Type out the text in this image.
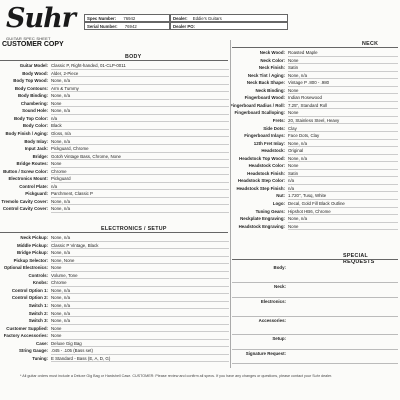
Suhr
GUITAR SPEC SHEET
CUSTOMER COPY
Spec Number: 76942	Dealer: Eddie's Guitars
Serial Number: 76942	Dealer PO:
BODY
Guitar Model: Classic P, Right-handed, 01-CLP-0011
Body Wood: Alder, 2-Piece
Body Top Wood: None, n/a
Body Contours: Arm & Tummy
Body Binding: None, n/a
Chambering: None
Sound Hole: None, n/a
Body Top Color: n/a
Body Color: Black
Body Finish / Aging: Gloss, n/a
Body Inlay: None, n/a
Input Jack: Pickguard, Chrome
Bridge: Gotoh Vintage Bass, Chrome, None
Bridge Routes: None
Button / Screw Color: Chrome
Electronics Mount: Pickguard
Control Plate: n/a
Pickguard: Parchment, Classic P
Tremolo Cavity Cover: None, n/a
Control Cavity Cover: None, n/a
ELECTRONICS / SETUP
Neck Pickup: None, n/a
Middle Pickup: Classic P Vintage, Black
Bridge Pickup: None, n/a
Pickup Selector: None, None
Optional Electronics: None
Controls: Volume, Tone
Knobs: Chrome
Control Option 1: None, n/a
Control Option 2: None, n/a
Switch 1: None, n/a
Switch 2: None, n/a
Switch 3: None, n/a
Customer Supplied: None
Factory Accessories: None
Case: Deluxe Gig Bag
String Gauge: .045 - .105 (Bass set)
Tuning: E Standard - Bass (E, A, D, G)
NECK
Neck Wood: Roasted Maple
Neck Color: None
Neck Finish: Satin
Neck Tint / Aging: None, n/a
Neck Back Shape: Vintage P .800 - .980
Neck Binding: None
Fingerboard Wood: Indian Rosewood
Fingerboard Radius / Roll: 7.25", Standard Roll
Fingerboard Scalloping: None
Frets: 20, Stainless Steel, Heavy
Side Dots: Clay
Fingerboard Inlays: Face Dots, Clay
12th Fret Inlay: None, n/a
Headstock: Original
Headstock Top Wood: None, n/a
Headstock Color: None
Headstock Finish: Satin
Headstock Step Color: n/a
Headstock Step Finish: n/a
Nut: 1.720", Tusq, White
Logo: Decal, Gold Fill Black Outline
Tuning Gears: Hipshot HB6, Chrome
Neckplate Engraving: None, n/a
Headstock Engraving: None
SPECIAL REQUESTS
Body:
Neck:
Electronics:
Accessories:
Setup:
Signature Request:
* All guitar orders must include a Deluxe Gig Bag or Hardshell Case. CUSTOMER: Please review and confirm all specs. If you have any changes or questions, please contact your Suhr dealer.
